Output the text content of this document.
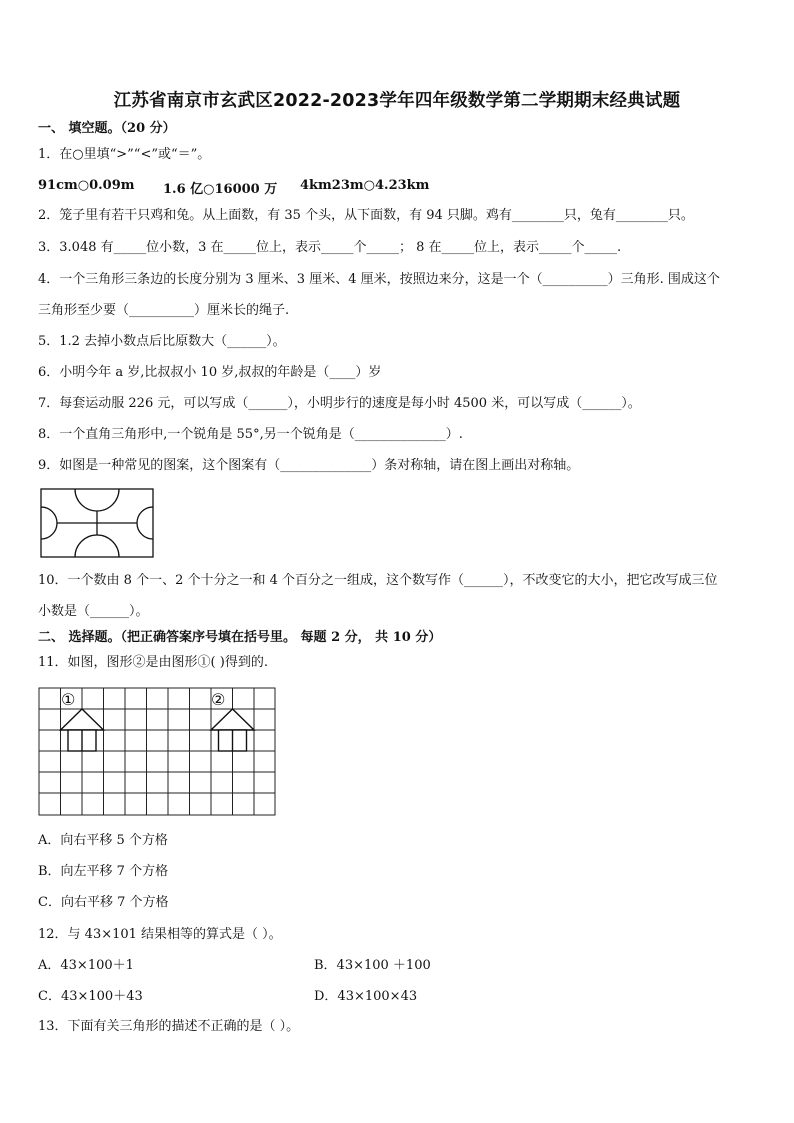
江苏省南京市玄武区2022-2023学年四年级数学第二学期期末经典试题
一、 填空题。（20 分）
1．在○里填“>”“<”或“＝”。
91cm○0.09m 1.6 亿○16000 万 4km23m○4.23km
2．笼子里有若干只鸡和兔。从上面数，有 35 个头，从下面数，有 94 只脚。鸡有________只，兔有________只。
3．3.048 有_____位小数，3 在_____位上，表示_____个_____； 8 在_____位上，表示_____个_____.
4．一个三角形三条边的长度分别为 3 厘米、3 厘米、4 厘米，按照边来分，这是一个（__________）三角形. 围成这个
三角形至少要（__________）厘米长的绳子.
5．1.2 去掉小数点后比原数大（______）。
6．小明今年 a 岁,比叔叔小 10 岁,叔叔的年龄是（____）岁
7．每套运动服 226 元，可以写成（______），小明步行的速度是每小时 4500 米，可以写成（______）。
8．一个直角三角形中,一个锐角是 55°,另一个锐角是（______________）.
9．如图是一种常见的图案，这个图案有（______________）条对称轴，请在图上画出对称轴。
10．一个数由 8 个一、2 个十分之一和 4 个百分之一组成，这个数写作（______），不改变它的大小，把它改写成三位
小数是（______）。
二、 选择题。（把正确答案序号填在括号里。 每题 2 分， 共 10 分）
11．如图，图形②是由图形①( )得到的.
①	②
A．向右平移 5 个方格
B．向左平移 7 个方格
C．向右平移 7 个方格
12．与 43×101 结果相等的算式是（ ）。
A．43×100＋1	B．43×100 ＋100
C．43×100＋43	D．43×100×43
13．下面有关三角形的描述不正确的是（ ）。
